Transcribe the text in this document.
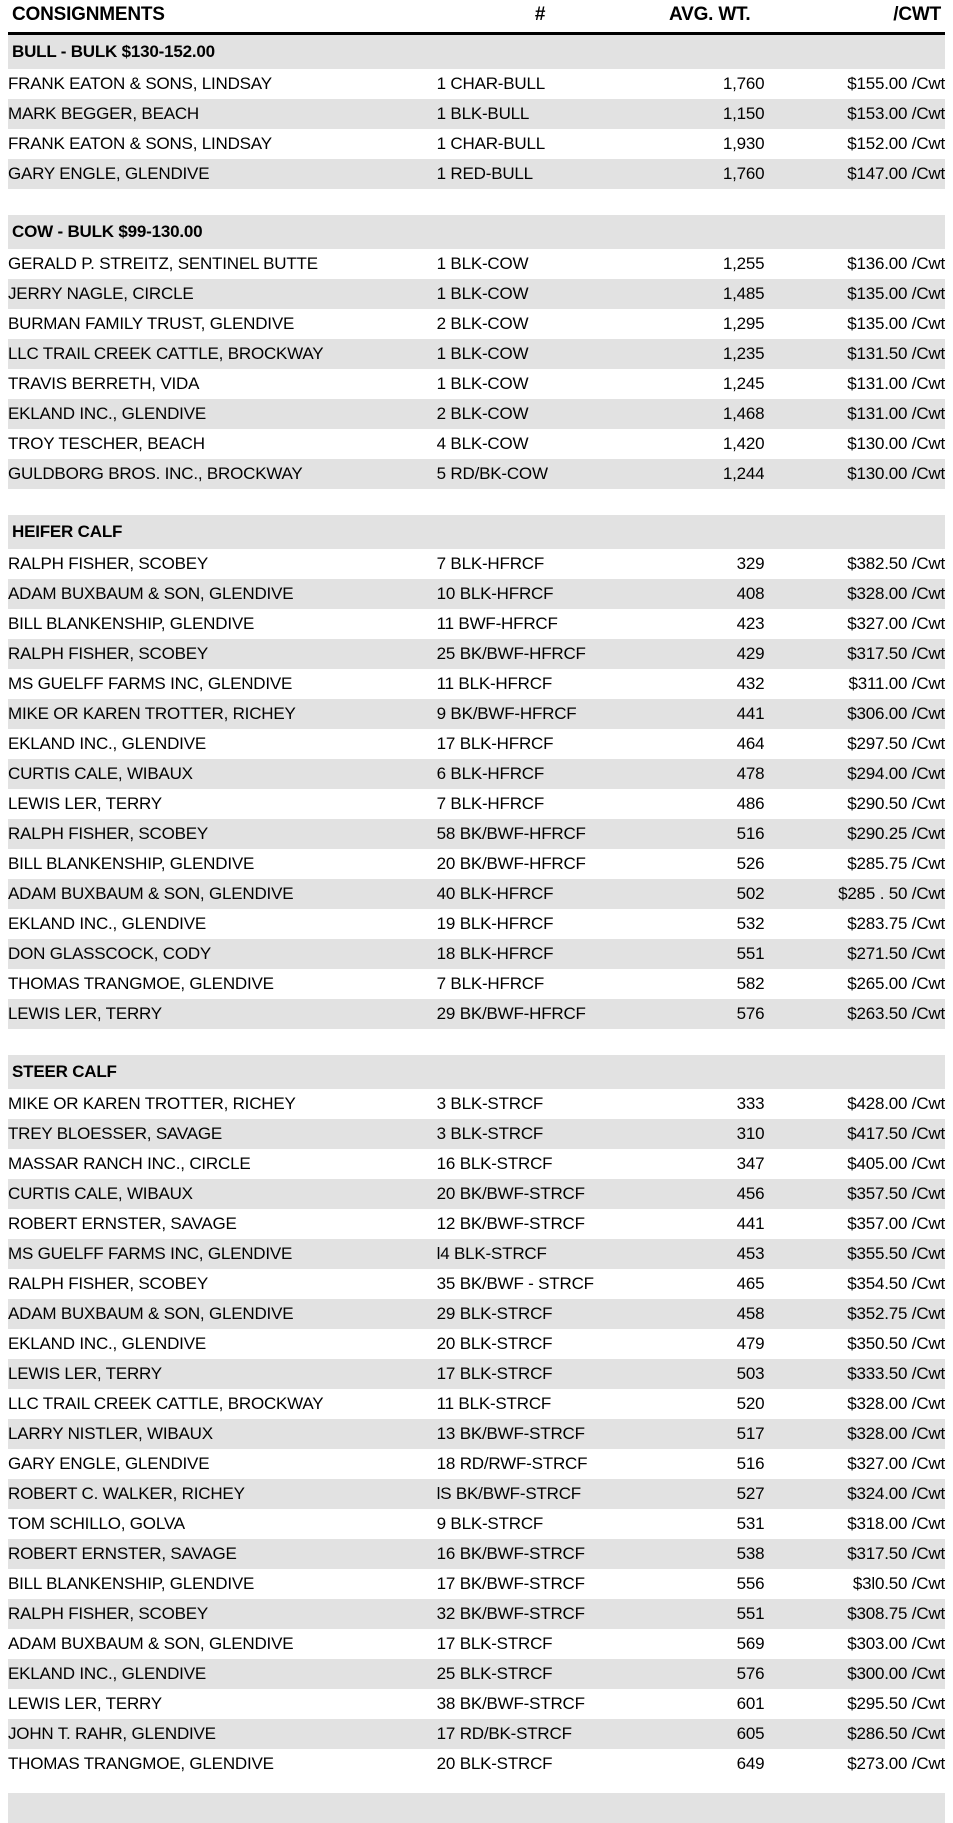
CONSIGNMENTS	#	AVG. WT.	/CWT
BULL - BULK $130-152.00			
FRANK EATON & SONS, LINDSAY	1 CHAR-BULL	1,760	$155.00 /Cwt
MARK BEGGER, BEACH	1 BLK-BULL	1,150	$153.00 /Cwt
FRANK EATON & SONS, LINDSAY	1 CHAR-BULL	1,930	$152.00 /Cwt
GARY ENGLE, GLENDIVE	1 RED-BULL	1,760	$147.00 /Cwt

COW - BULK $99-130.00			
GERALD P. STREITZ, SENTINEL BUTTE	1 BLK-COW	1,255	$136.00 /Cwt
JERRY NAGLE, CIRCLE	1 BLK-COW	1,485	$135.00 /Cwt
BURMAN FAMILY TRUST, GLENDIVE	2 BLK-COW	1,295	$135.00 /Cwt
LLC TRAIL CREEK CATTLE, BROCKWAY	1 BLK-COW	1,235	$131.50 /Cwt
TRAVIS BERRETH, VIDA	1 BLK-COW	1,245	$131.00 /Cwt
EKLAND INC., GLENDIVE	2 BLK-COW	1,468	$131.00 /Cwt
TROY TESCHER, BEACH	4 BLK-COW	1,420	$130.00 /Cwt
GULDBORG BROS. INC., BROCKWAY	5 RD/BK-COW	1,244	$130.00 /Cwt

HEIFER CALF			
RALPH FISHER, SCOBEY	7 BLK-HFRCF	329	$382.50 /Cwt
ADAM BUXBAUM & SON, GLENDIVE	10 BLK-HFRCF	408	$328.00 /Cwt
BILL BLANKENSHIP, GLENDIVE	11 BWF-HFRCF	423	$327.00 /Cwt
RALPH FISHER, SCOBEY	25 BK/BWF-HFRCF	429	$317.50 /Cwt
MS GUELFF FARMS INC, GLENDIVE	11 BLK-HFRCF	432	$311.00 /Cwt
MIKE OR KAREN TROTTER, RICHEY	9 BK/BWF-HFRCF	441	$306.00 /Cwt
EKLAND INC., GLENDIVE	17 BLK-HFRCF	464	$297.50 /Cwt
CURTIS CALE, WIBAUX	6 BLK-HFRCF	478	$294.00 /Cwt
LEWIS LER, TERRY	7 BLK-HFRCF	486	$290.50 /Cwt
RALPH FISHER, SCOBEY	58 BK/BWF-HFRCF	516	$290.25 /Cwt
BILL BLANKENSHIP, GLENDIVE	20 BK/BWF-HFRCF	526	$285.75 /Cwt
ADAM BUXBAUM & SON, GLENDIVE	40 BLK-HFRCF	502	$285 . 50 /Cwt
EKLAND INC., GLENDIVE	19 BLK-HFRCF	532	$283.75 /Cwt
DON GLASSCOCK, CODY	18 BLK-HFRCF	551	$271.50 /Cwt
THOMAS TRANGMOE, GLENDIVE	7 BLK-HFRCF	582	$265.00 /Cwt
LEWIS LER, TERRY	29 BK/BWF-HFRCF	576	$263.50 /Cwt

STEER CALF			
MIKE OR KAREN TROTTER, RICHEY	3 BLK-STRCF	333	$428.00 /Cwt
TREY BLOESSER, SAVAGE	3 BLK-STRCF	310	$417.50 /Cwt
MASSAR RANCH INC., CIRCLE	16 BLK-STRCF	347	$405.00 /Cwt
CURTIS CALE, WIBAUX	20 BK/BWF-STRCF	456	$357.50 /Cwt
ROBERT ERNSTER, SAVAGE	12 BK/BWF-STRCF	441	$357.00 /Cwt
MS GUELFF FARMS INC, GLENDIVE	l4 BLK-STRCF	453	$355.50 /Cwt
RALPH FISHER, SCOBEY	35 BK/BWF - STRCF	465	$354.50 /Cwt
ADAM BUXBAUM & SON, GLENDIVE	29 BLK-STRCF	458	$352.75 /Cwt
EKLAND INC., GLENDIVE	20 BLK-STRCF	479	$350.50 /Cwt
LEWIS LER, TERRY	17 BLK-STRCF	503	$333.50 /Cwt
LLC TRAIL CREEK CATTLE, BROCKWAY	11 BLK-STRCF	520	$328.00 /Cwt
LARRY NISTLER, WIBAUX	13 BK/BWF-STRCF	517	$328.00 /Cwt
GARY ENGLE, GLENDIVE	18 RD/RWF-STRCF	516	$327.00 /Cwt
ROBERT C. WALKER, RICHEY	lS BK/BWF-STRCF	527	$324.00 /Cwt
TOM SCHILLO, GOLVA	9 BLK-STRCF	531	$318.00 /Cwt
ROBERT ERNSTER, SAVAGE	16 BK/BWF-STRCF	538	$317.50 /Cwt
BILL BLANKENSHIP, GLENDIVE	17 BK/BWF-STRCF	556	$3l0.50 /Cwt
RALPH FISHER, SCOBEY	32 BK/BWF-STRCF	551	$308.75 /Cwt
ADAM BUXBAUM & SON, GLENDIVE	17 BLK-STRCF	569	$303.00 /Cwt
EKLAND INC., GLENDIVE	25 BLK-STRCF	576	$300.00 /Cwt
LEWIS LER, TERRY	38 BK/BWF-STRCF	601	$295.50 /Cwt
JOHN T. RAHR, GLENDIVE	17 RD/BK-STRCF	605	$286.50 /Cwt
THOMAS TRANGMOE, GLENDIVE	20 BLK-STRCF	649	$273.00 /Cwt
